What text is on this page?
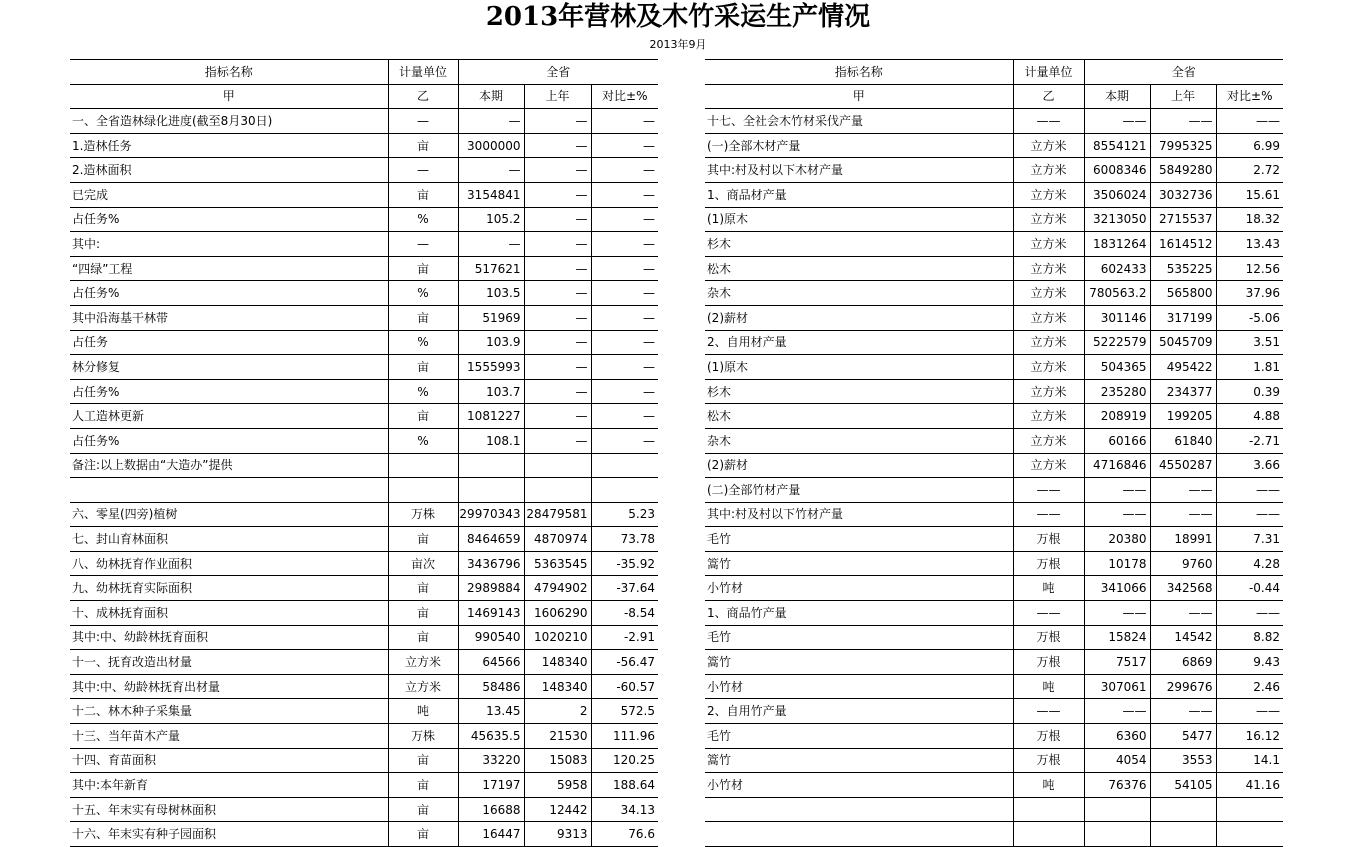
2013年营林及木竹采运生产情况
2013年9月
指标名称	计量单位	全省		
甲	乙	本期	上年	对比±%
一、全省造林绿化进度(截至8月30日)	—	—	—	—
1.造林任务	亩	3000000	—	—
2.造林面积	—	—	—	—
已完成	亩	3154841	—	—
占任务%	%	105.2	—	—
其中:	—	—	—	—
“四绿”工程	亩	517621	—	—
占任务%	%	103.5	—	—
其中沿海基干林带	亩	51969	—	—
占任务	%	103.9	—	—
林分修复	亩	1555993	—	—
占任务%	%	103.7	—	—
人工造林更新	亩	1081227	—	—
占任务%	%	108.1	—	—
备注:以上数据由“大造办”提供				

六、零星(四旁)植树	万株	29970343	28479581	5.23
七、封山育林面积	亩	8464659	4870974	73.78
八、幼林抚育作业面积	亩次	3436796	5363545	-35.92
九、幼林抚育实际面积	亩	2989884	4794902	-37.64
十、成林抚育面积	亩	1469143	1606290	-8.54
其中:中、幼龄林抚育面积	亩	990540	1020210	-2.91
十一、抚育改造出材量	立方米	64566	148340	-56.47
其中:中、幼龄林抚育出材量	立方米	58486	148340	-60.57
十二、林木种子采集量	吨	13.45	2	572.5
十三、当年苗木产量	万株	45635.5	21530	111.96
十四、育苗面积	亩	33220	15083	120.25
其中:本年新育	亩	17197	5958	188.64
十五、年末实有母树林面积	亩	16688	12442	34.13
十六、年末实有种子园面积	亩	16447	9313	76.6
指标名称	计量单位	全省		
甲	乙	本期	上年	对比±%
十七、全社会木竹材采伐产量	——	——	——	——
(一)全部木材产量	立方米	8554121	7995325	6.99
其中:村及村以下木材产量	立方米	6008346	5849280	2.72
1、商品材产量	立方米	3506024	3032736	15.61
(1)原木	立方米	3213050	2715537	18.32
杉木	立方米	1831264	1614512	13.43
松木	立方米	602433	535225	12.56
杂木	立方米	780563.2	565800	37.96
(2)薪材	立方米	301146	317199	-5.06
2、自用材产量	立方米	5222579	5045709	3.51
(1)原木	立方米	504365	495422	1.81
杉木	立方米	235280	234377	0.39
松木	立方米	208919	199205	4.88
杂木	立方米	60166	61840	-2.71
(2)薪材	立方米	4716846	4550287	3.66
(二)全部竹材产量	——	——	——	——
其中:村及村以下竹材产量	——	——	——	——
毛竹	万根	20380	18991	7.31
篙竹	万根	10178	9760	4.28
小竹材	吨	341066	342568	-0.44
1、商品竹产量	——	——	——	——
毛竹	万根	15824	14542	8.82
篙竹	万根	7517	6869	9.43
小竹材	吨	307061	299676	2.46
2、自用竹产量	——	——	——	——
毛竹	万根	6360	5477	16.12
篙竹	万根	4054	3553	14.1
小竹材	吨	76376	54105	41.16
